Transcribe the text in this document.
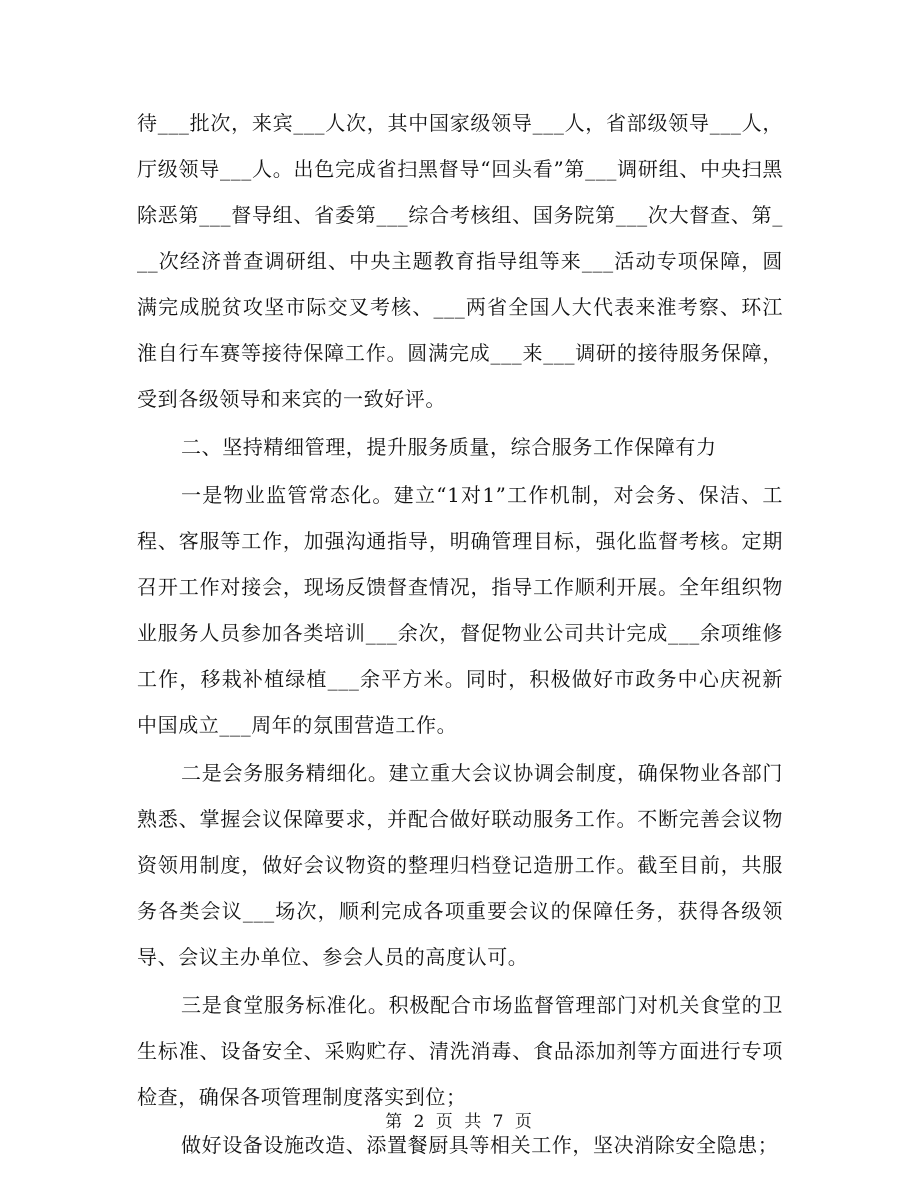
待___批次，来宾___人次，其中国家级领导___人，省部级领导___人，厅级领导___人。出色完成省扫黑督导“回头看”第___调研组、中央扫黑除恶第___督导组、省委第___综合考核组、国务院第___次大督查、第___次经济普查调研组、中央主题教育指导组等来___活动专项保障，圆满完成脱贫攻坚市际交叉考核、___两省全国人大代表来淮考察、环江淮自行车赛等接待保障工作。圆满完成___来___调研的接待服务保障，受到各级领导和来宾的一致好评。

二、坚持精细管理，提升服务质量，综合服务工作保障有力

一是物业监管常态化。建立“1对1”工作机制，对会务、保洁、工程、客服等工作，加强沟通指导，明确管理目标，强化监督考核。定期召开工作对接会，现场反馈督查情况，指导工作顺利开展。全年组织物业服务人员参加各类培训___余次，督促物业公司共计完成___余项维修工作，移栽补植绿植___余平方米。同时，积极做好市政务中心庆祝新中国成立___周年的氛围营造工作。

二是会务服务精细化。建立重大会议协调会制度，确保物业各部门熟悉、掌握会议保障要求，并配合做好联动服务工作。不断完善会议物资领用制度，做好会议物资的整理归档登记造册工作。截至目前，共服务各类会议___场次，顺利完成各项重要会议的保障任务，获得各级领导、会议主办单位、参会人员的高度认可。

三是食堂服务标准化。积极配合市场监督管理部门对机关食堂的卫生标准、设备安全、采购贮存、清洗消毒、食品添加剂等方面进行专项检查，确保各项管理制度落实到位；

做好设备设施改造、添置餐厨具等相关工作，坚决消除安全隐患；

第 2 页 共 7 页
